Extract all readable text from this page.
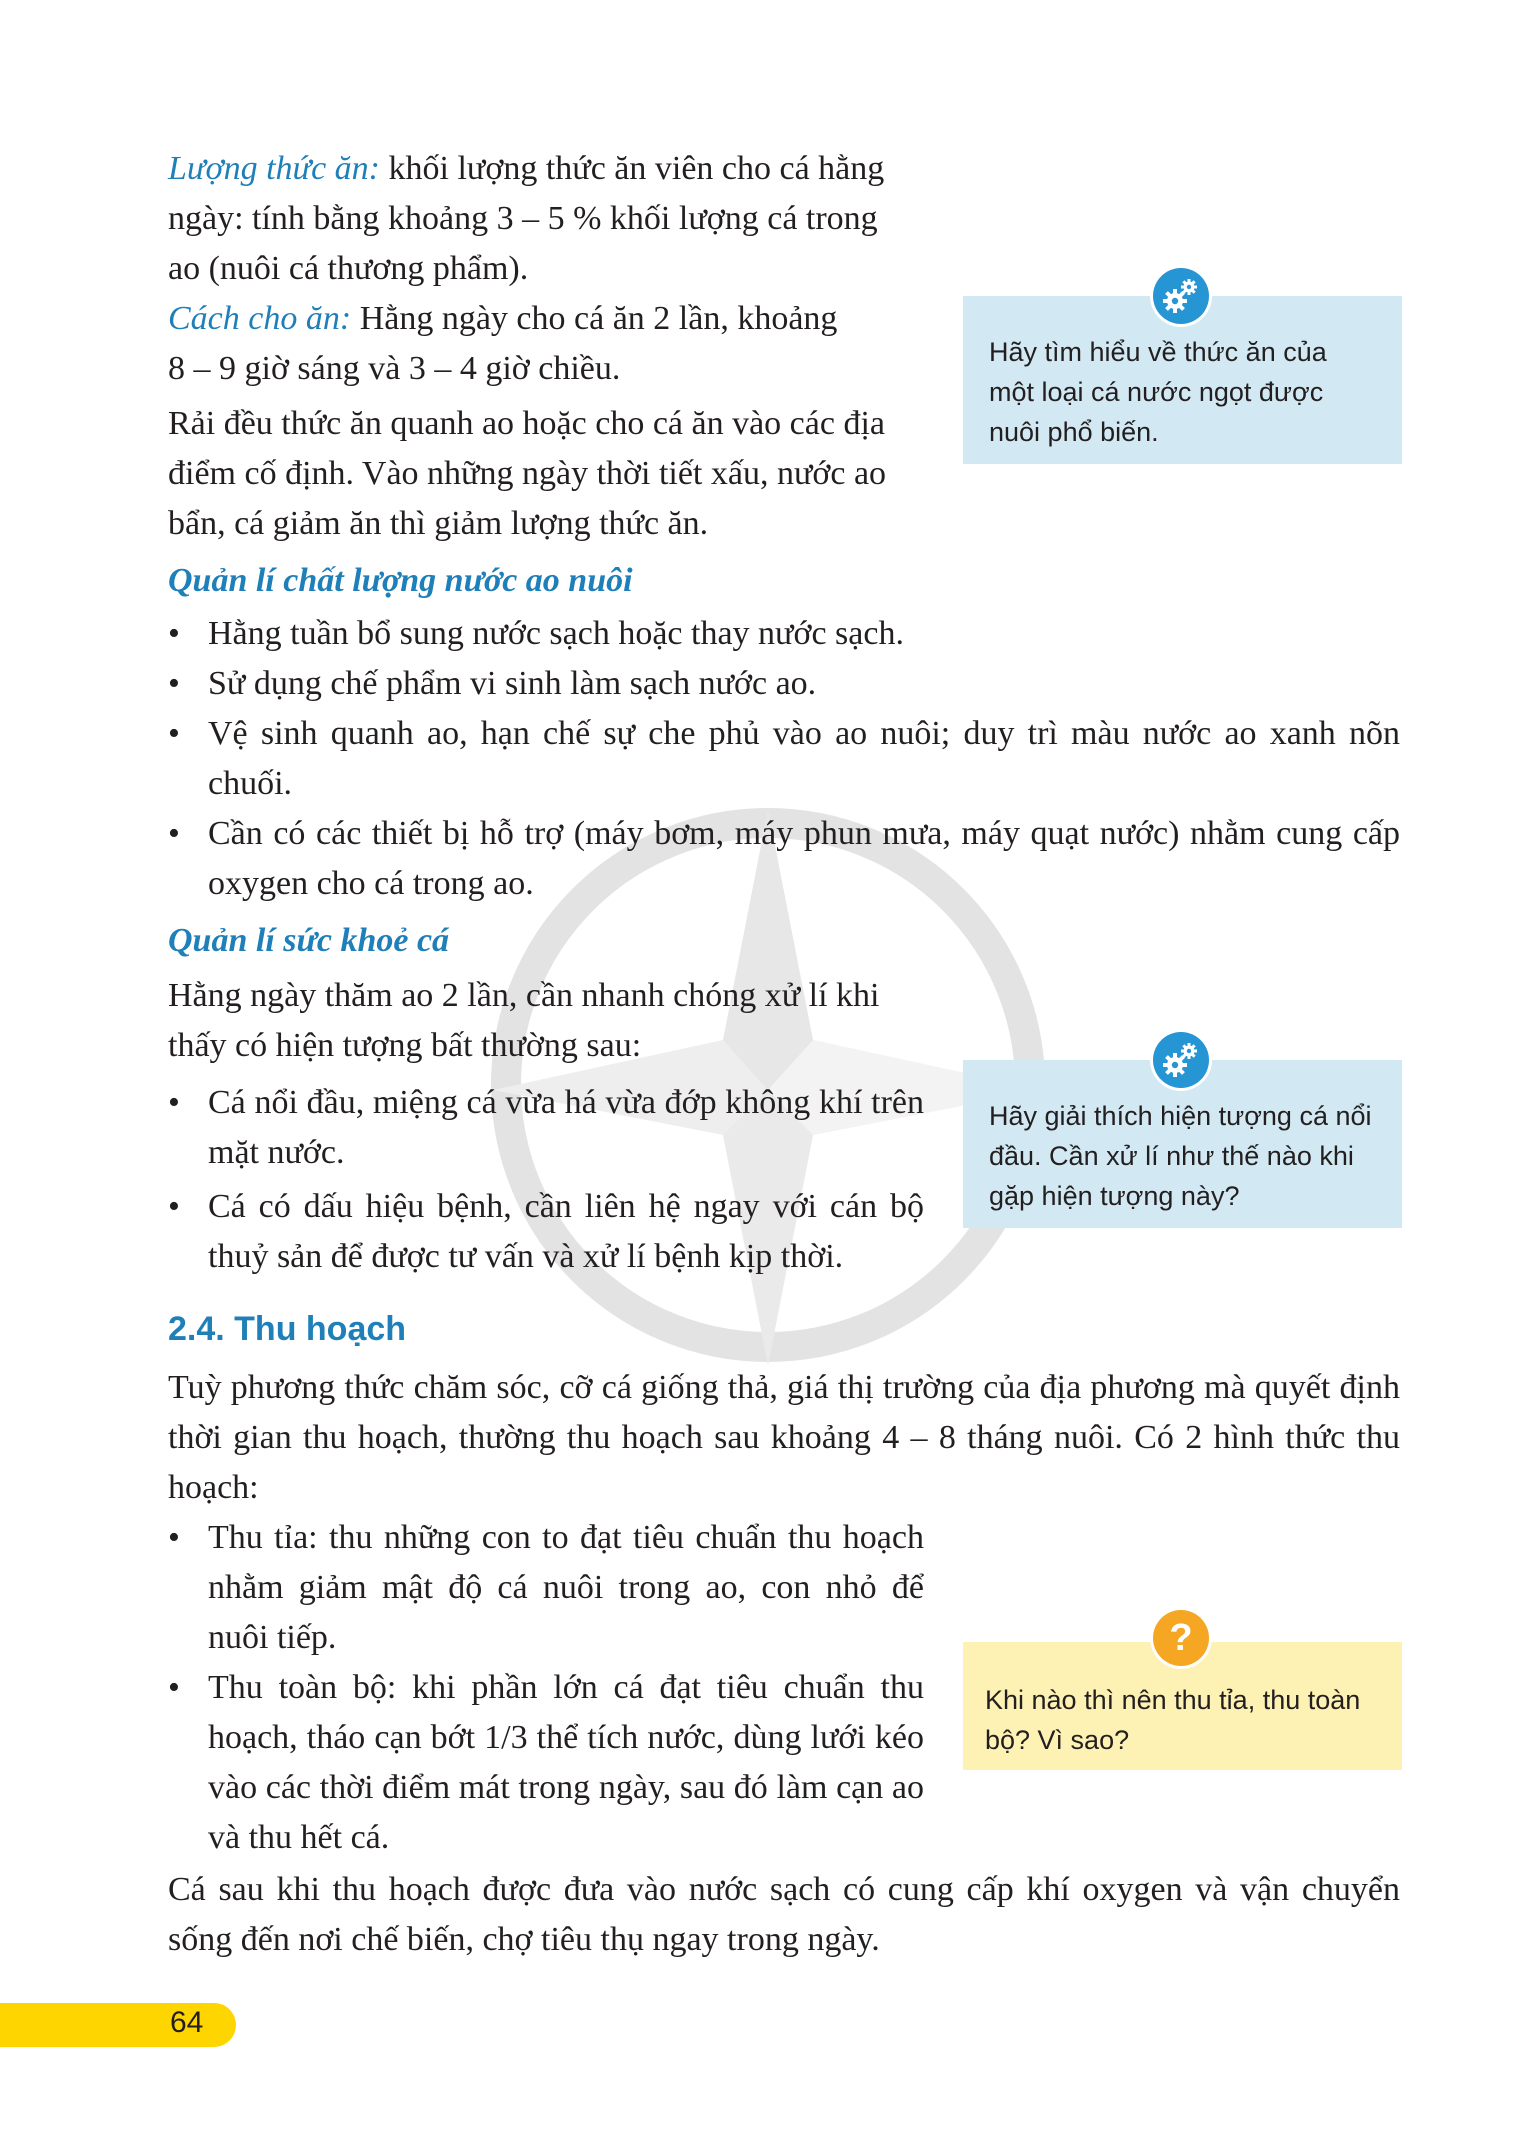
Lượng thức ăn: khối lượng thức ăn viên cho cá hằng
ngày: tính bằng khoảng 3 – 5 % khối lượng cá trong
ao (nuôi cá thương phẩm).
Cách cho ăn: Hằng ngày cho cá ăn 2 lần, khoảng
8 – 9 giờ sáng và 3 – 4 giờ chiều.
Rải đều thức ăn quanh ao hoặc cho cá ăn vào các địa
điểm cố định. Vào những ngày thời tiết xấu, nước ao
bẩn, cá giảm ăn thì giảm lượng thức ăn.
Quản lí chất lượng nước ao nuôi
• Hằng tuần bổ sung nước sạch hoặc thay nước sạch.
• Sử dụng chế phẩm vi sinh làm sạch nước ao.
• Vệ sinh quanh ao, hạn chế sự che phủ vào ao nuôi; duy trì màu nước ao xanh nõn chuối.
• Cần có các thiết bị hỗ trợ (máy bơm, máy phun mưa, máy quạt nước) nhằm cung cấp oxygen cho cá trong ao.
Quản lí sức khoẻ cá
Hằng ngày thăm ao 2 lần, cần nhanh chóng xử lí khi
thấy có hiện tượng bất thường sau:
• Cá nổi đầu, miệng cá vừa há vừa đớp không khí trên mặt nước.
• Cá có dấu hiệu bệnh, cần liên hệ ngay với cán bộ thuỷ sản để được tư vấn và xử lí bệnh kịp thời.
2.4. Thu hoạch
Tuỳ phương thức chăm sóc, cỡ cá giống thả, giá thị trường của địa phương mà quyết định thời gian thu hoạch, thường thu hoạch sau khoảng 4 – 8 tháng nuôi. Có 2 hình thức thu hoạch:
• Thu tỉa: thu những con to đạt tiêu chuẩn thu hoạch nhằm giảm mật độ cá nuôi trong ao, con nhỏ để nuôi tiếp.
• Thu toàn bộ: khi phần lớn cá đạt tiêu chuẩn thu hoạch, tháo cạn bớt 1/3 thể tích nước, dùng lưới kéo vào các thời điểm mát trong ngày, sau đó làm cạn ao và thu hết cá.
Cá sau khi thu hoạch được đưa vào nước sạch có cung cấp khí oxygen và vận chuyển sống đến nơi chế biến, chợ tiêu thụ ngay trong ngày.

Hãy tìm hiểu về thức ăn của một loại cá nước ngọt được nuôi phổ biến.

Hãy giải thích hiện tượng cá nổi đầu. Cần xử lí như thế nào khi gặp hiện tượng này?

Khi nào thì nên thu tỉa, thu toàn bộ? Vì sao?

?
64
